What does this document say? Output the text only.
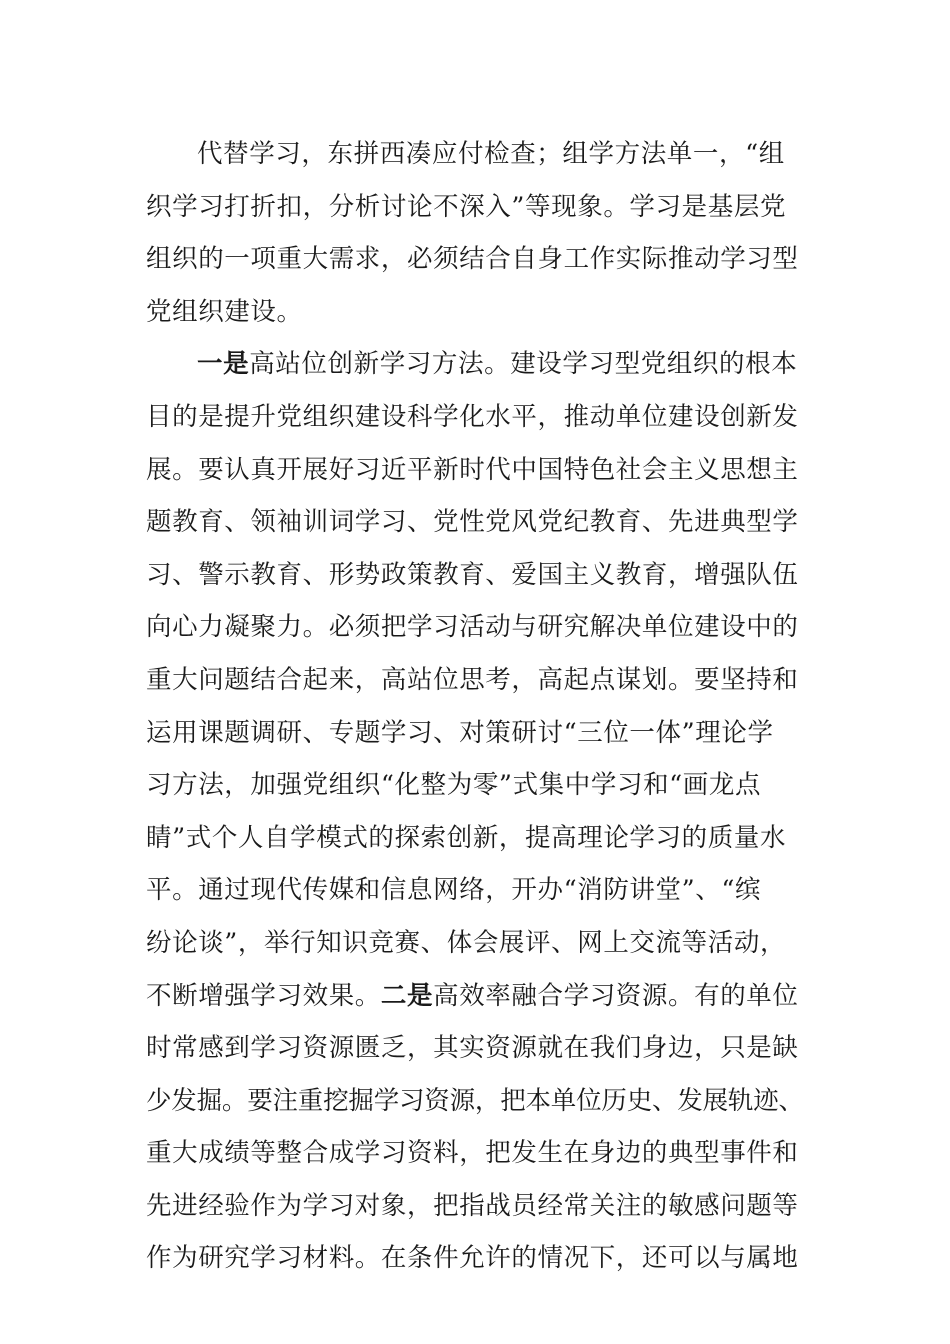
代替学习，东拼西凑应付检查；组学方法单一，“组
织学习打折扣，分析讨论不深入”等现象。学习是基层党
组织的一项重大需求，必须结合自身工作实际推动学习型
党组织建设。
一是高站位创新学习方法。建设学习型党组织的根本
目的是提升党组织建设科学化水平，推动单位建设创新发
展。要认真开展好习近平新时代中国特色社会主义思想主
题教育、领袖训词学习、党性党风党纪教育、先进典型学
习、警示教育、形势政策教育、爱国主义教育，增强队伍
向心力凝聚力。必须把学习活动与研究解决单位建设中的
重大问题结合起来，高站位思考，高起点谋划。要坚持和
运用课题调研、专题学习、对策研讨“三位一体”理论学
习方法，加强党组织“化整为零”式集中学习和“画龙点
睛”式个人自学模式的探索创新，提高理论学习的质量水
平。通过现代传媒和信息网络，开办“消防讲堂”、“缤
纷论谈”，举行知识竞赛、体会展评、网上交流等活动，
不断增强学习效果。二是高效率融合学习资源。有的单位
时常感到学习资源匮乏，其实资源就在我们身边，只是缺
少发掘。要注重挖掘学习资源，把本单位历史、发展轨迹、
重大成绩等整合成学习资料，把发生在身边的典型事件和
先进经验作为学习对象，把指战员经常关注的敏感问题等
作为研究学习材料。在条件允许的情况下，还可以与属地
